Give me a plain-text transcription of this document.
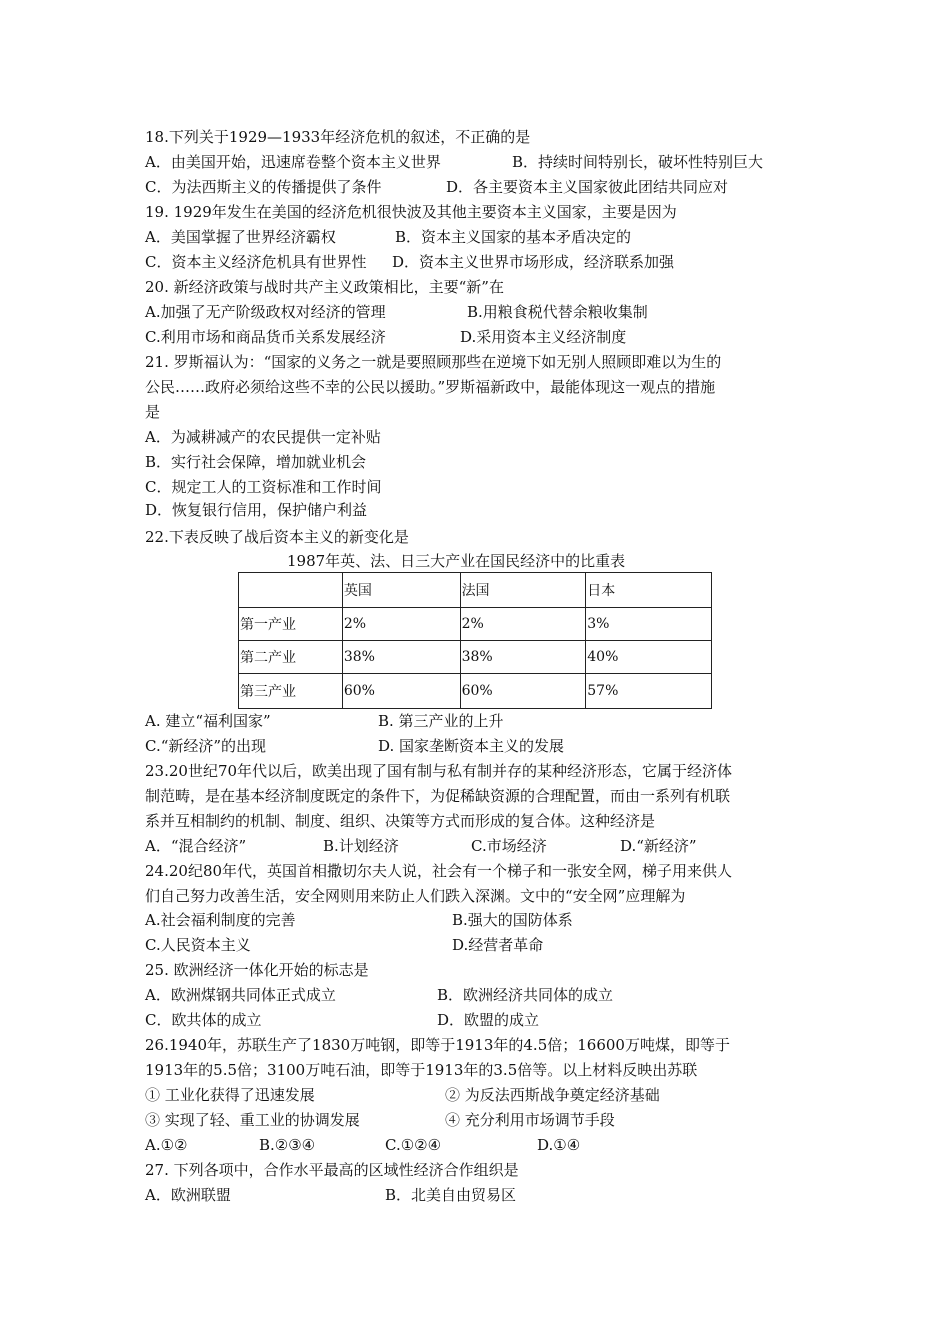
18.下列关于1929—1933年经济危机的叙述，不正确的是
A．由美国开始，迅速席卷整个资本主义世界	B．持续时间特别长，破坏性特别巨大
C．为法西斯主义的传播提供了条件	D．各主要资本主义国家彼此团结共同应对
19. 1929年发生在美国的经济危机很快波及其他主要资本主义国家，主要是因为
A．美国掌握了世界经济霸权	B．资本主义国家的基本矛盾决定的
C．资本主义经济危机具有世界性 D．资本主义世界市场形成，经济联系加强
20. 新经济政策与战时共产主义政策相比，主要“新”在
A.加强了无产阶级政权对经济的管理	B.用粮食税代替余粮收集制
C.利用市场和商品货币关系发展经济	D.采用资本主义经济制度
21. 罗斯福认为：“国家的义务之一就是要照顾那些在逆境下如无别人照顾即难以为生的
公民……政府必须给这些不幸的公民以援助。”罗斯福新政中，最能体现这一观点的措施
是
A．为减耕减产的农民提供一定补贴
B．实行社会保障，增加就业机会
C．规定工人的工资标准和工作时间
D．恢复银行信用，保护储户利益
22.下表反映了战后资本主义的新变化是
1987年英、法、日三大产业在国民经济中的比重表
	英国	法国	日本
第一产业	2%	2%	3%
第二产业	38%	38%	40%
第三产业	60%	60%	57%
A. 建立“福利国家”	B. 第三产业的上升
C.“新经济”的出现	D. 国家垄断资本主义的发展
23.20世纪70年代以后，欧美出现了国有制与私有制并存的某种经济形态，它属于经济体
制范畴，是在基本经济制度既定的条件下，为促稀缺资源的合理配置，而由一系列有机联
系并互相制约的机制、制度、组织、决策等方式而形成的复合体。这种经济是
A．“混合经济”	B.计划经济	C.市场经济	D.“新经济”
24.20纪80年代，英国首相撒切尔夫人说，社会有一个梯子和一张安全网，梯子用来供人
们自己努力改善生活，安全网则用来防止人们跌入深渊。文中的“安全网”应理解为
A.社会福利制度的完善	B.强大的国防体系
C.人民资本主义	D.经营者革命
25. 欧洲经济一体化开始的标志是
A．欧洲煤钢共同体正式成立	B．欧洲经济共同体的成立
C．欧共体的成立	D．欧盟的成立
26.1940年，苏联生产了1830万吨钢，即等于1913年的4.5倍；16600万吨煤，即等于
1913年的5.5倍；3100万吨石油，即等于1913年的3.5倍等。以上材料反映出苏联
① 工业化获得了迅速发展	② 为反法西斯战争奠定经济基础
③ 实现了轻、重工业的协调发展	④ 充分利用市场调节手段
A.①②	B.②③④	C.①②④	D.①④
27. 下列各项中，合作水平最高的区域性经济合作组织是
A．欧洲联盟	B．北美自由贸易区
